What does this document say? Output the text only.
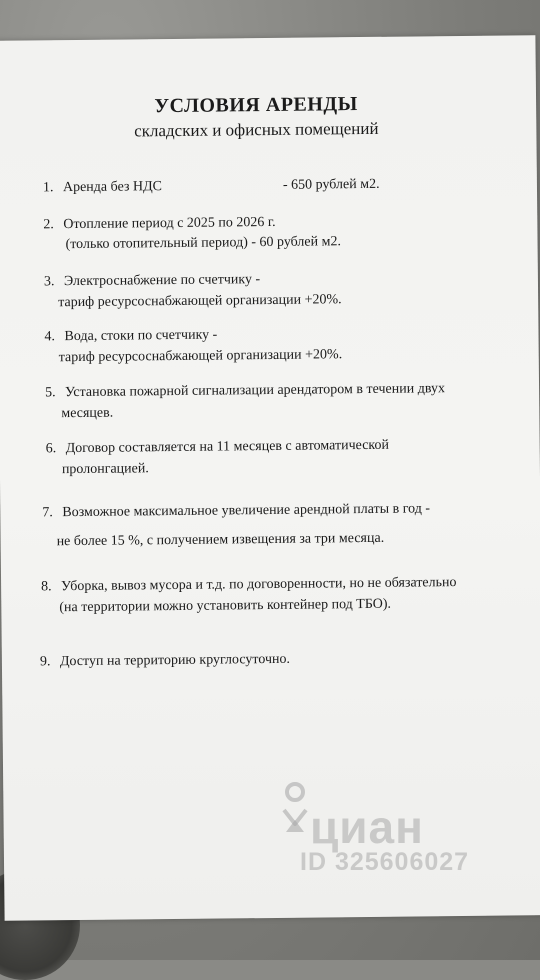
УСЛОВИЯ АРЕНДЫ
складских и офисных помещений
1. Аренда без НДС	- 650 рублей м2.
2. Отопление период с 2025 по 2026 г.
(только отопительный период) - 60 рублей м2.
3. Электроснабжение по счетчику -
тариф ресурсоснабжающей организации +20%.
4. Вода, стоки по счетчику -
тариф ресурсоснабжающей организации +20%.
5. Установка пожарной сигнализации арендатором в течении двух
месяцев.
6. Договор составляется на 11 месяцев с автоматической
пролонгацией.
7. Возможное максимальное увеличение арендной платы в год -
не более 15 %, с получением извещения за три месяца.
8. Уборка, вывоз мусора и т.д. по договоренности, но не обязательно
(на территории можно установить контейнер под ТБО).
9. Доступ на территорию круглосуточно.
циан
ID 325606027
